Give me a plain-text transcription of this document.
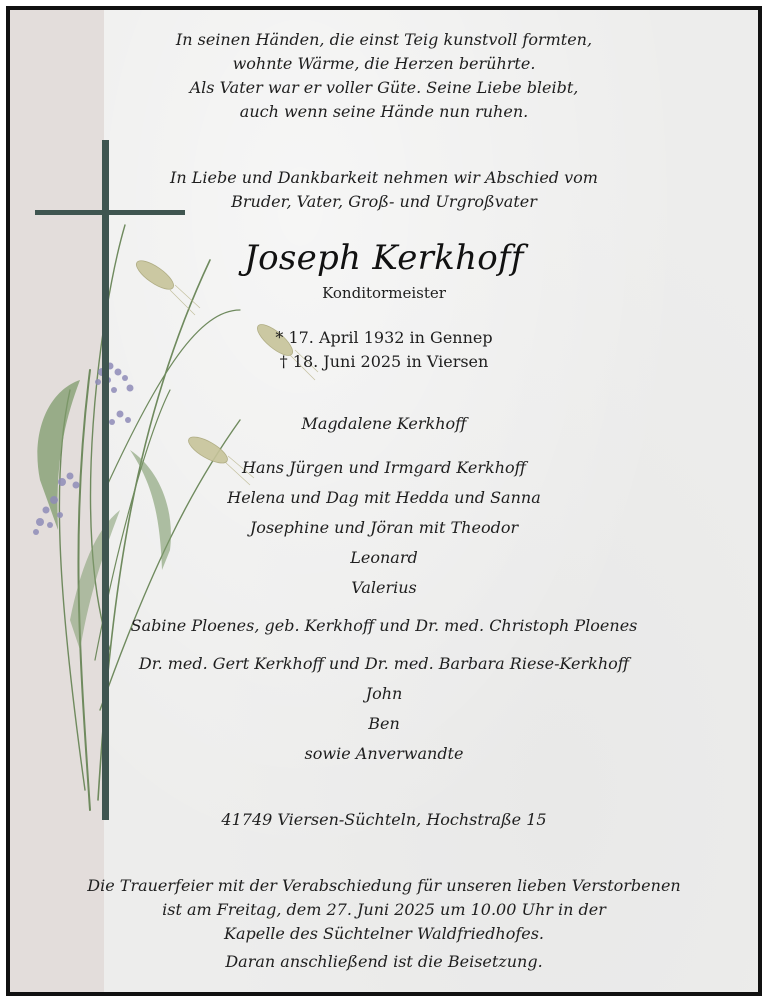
In seinen Händen, die einst Teig kunstvoll formten,
wohnte Wärme, die Herzen berührte.
Als Vater war er voller Güte. Seine Liebe bleibt,
auch wenn seine Hände nun ruhen.
In Liebe und Dankbarkeit nehmen wir Abschied vom
Bruder, Vater, Groß- und Urgroßvater
Joseph Kerkhoff
Konditormeister
* 17. April 1932 in Gennep
† 18. Juni 2025 in Viersen
Magdalene Kerkhoff
Hans Jürgen und Irmgard Kerkhoff
Helena und Dag mit Hedda und Sanna
Josephine und Jöran mit Theodor
Leonard
Valerius
Sabine Ploenes, geb. Kerkhoff und Dr. med. Christoph Ploenes
Dr. med. Gert Kerkhoff und Dr. med. Barbara Riese-Kerkhoff
John
Ben
sowie Anverwandte
41749 Viersen-Süchteln, Hochstraße 15
Die Trauerfeier mit der Verabschiedung für unseren lieben Verstorbenen
ist am Freitag, dem 27. Juni 2025 um 10.00 Uhr in der
Kapelle des Süchtelner Waldfriedhofes.
Daran anschließend ist die Beisetzung.
